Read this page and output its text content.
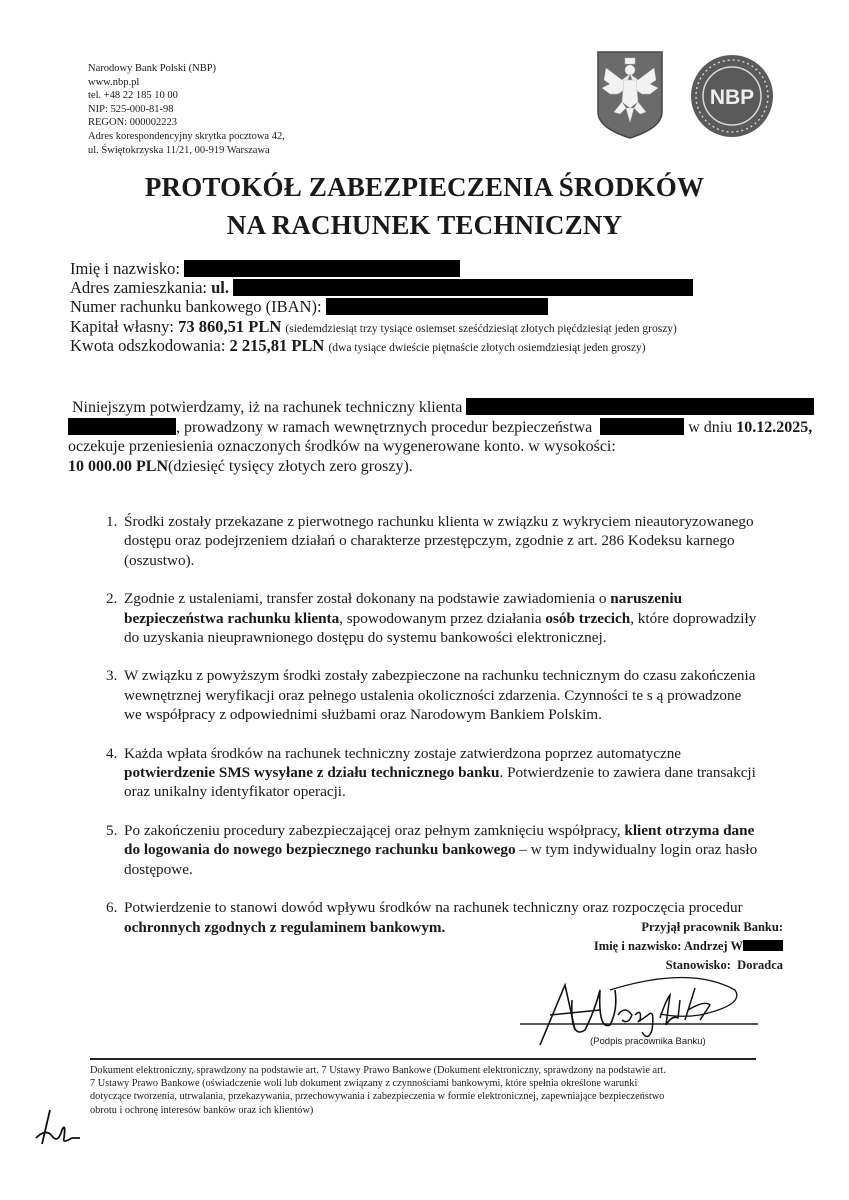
Narodowy Bank Polski (NBP)
www.nbp.pl
tel. +48 22 185 10 00
NIP: 525-000-81-98
REGON: 000002223
Adres korespondencyjny skrytka pocztowa 42,
ul. Świętokrzyska 11/21, 00-919 Warszawa
NBP
PROTOKÓŁ ZABEZPIECZENIA ŚRODKÓW
NA RACHUNEK TECHNICZNY
Imię i nazwisko:
Adres zamieszkania: ul.
Numer rachunku bankowego (IBAN):
Kapitał własny: 73 860,51 PLN (siedemdziesiąt trzy tysiące osiemset sześćdziesiąt złotych pięćdziesiąt jeden groszy)
Kwota odszkodowania: 2 215,81 PLN (dwa tysiące dwieście piętnaście złotych osiemdziesiąt jeden groszy)
Niniejszym potwierdzamy, iż na rachunek techniczny klienta
, prowadzony w ramach wewnętrznych procedur bezpieczeństwa	w dniu 10.12.2025,
oczekuje przeniesienia oznaczonych środków na wygenerowane konto. w wysokości:
10 000.00 PLN(dziesięć tysięcy złotych zero groszy).
1. Środki zostały przekazane z pierwotnego rachunku klienta w związku z wykryciem nieautoryzowanego
dostępu oraz podejrzeniem działań o charakterze przestępczym, zgodnie z art. 286 Kodeksu karnego
(oszustwo).
2. Zgodnie z ustaleniami, transfer został dokonany na podstawie zawiadomienia o naruszeniu
bezpieczeństwa rachunku klienta, spowodowanym przez działania osób trzecich, które doprowadziły
do uzyskania nieuprawnionego dostępu do systemu bankowości elektronicznej.
3. W związku z powyższym środki zostały zabezpieczone na rachunku technicznym do czasu zakończenia
wewnętrznej weryfikacji oraz pełnego ustalenia okoliczności zdarzenia. Czynności te s ą prowadzone
we współpracy z odpowiednimi służbami oraz Narodowym Bankiem Polskim.
4. Każda wpłata środków na rachunek techniczny zostaje zatwierdzona poprzez automatyczne
potwierdzenie SMS wysyłane z działu technicznego banku. Potwierdzenie to zawiera dane transakcji
oraz unikalny identyfikator operacji.
5. Po zakończeniu procedury zabezpieczającej oraz pełnym zamknięciu współpracy, klient otrzyma dane
do logowania do nowego bezpiecznego rachunku bankowego – w tym indywidualny login oraz hasło
dostępowe.
6. Potwierdzenie to stanowi dowód wpływu środków na rachunek techniczny oraz rozpoczęcia procedur
ochronnych zgodnych z regulaminem bankowym.	Przyjął pracownik Banku:
Imię i nazwisko: Andrzej W
Stanowisko: Doradca
(Podpis pracownika Banku)
Dokument elektroniczny, sprawdzony na podstawie art. 7 Ustawy Prawo Bankowe (Dokument elektroniczny, sprawdzony na podstawie art.
7 Ustawy Prawo Bankowe (oświadczenie woli lub dokument związany z czynnościami bankowymi, które spełnia określone warunki
dotyczące tworzenia, utrwalania, przekazywania, przechowywania i zabezpieczenia w formie elektronicznej, zapewniające bezpieczeństwo
obrotu i ochronę interesów banków oraz ich klientów)
